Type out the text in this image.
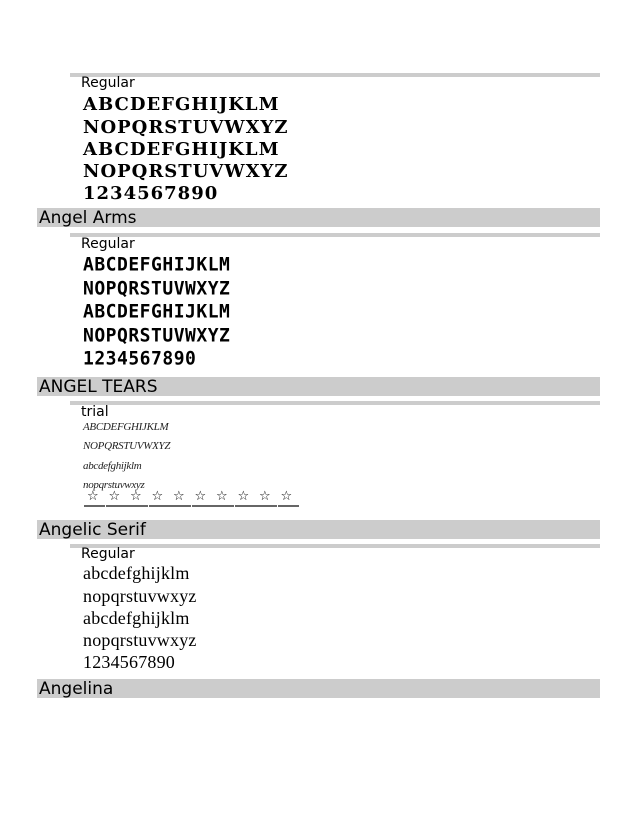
Regular
ABCDEFGHIJKLM
NOPQRSTUVWXYZ
ABCDEFGHIJKLM
NOPQRSTUVWXYZ
1234567890
Angel Arms
Regular
ABCDEFGHIJKLM
NOPQRSTUVWXYZ
ABCDEFGHIJKLM
NOPQRSTUVWXYZ
1234567890
ANGEL TEARS
trial
ABCDEFGHIJKLM
NOPQRSTUVWXYZ
abcdefghijklm
nopqrstuvwxyz
☆ ☆ ☆ ☆ ☆ ☆ ☆ ☆ ☆ ☆
Angelic Serif
Regular
abcdefghijklm
nopqrstuvwxyz
abcdefghijklm
nopqrstuvwxyz
1234567890
Angelina
